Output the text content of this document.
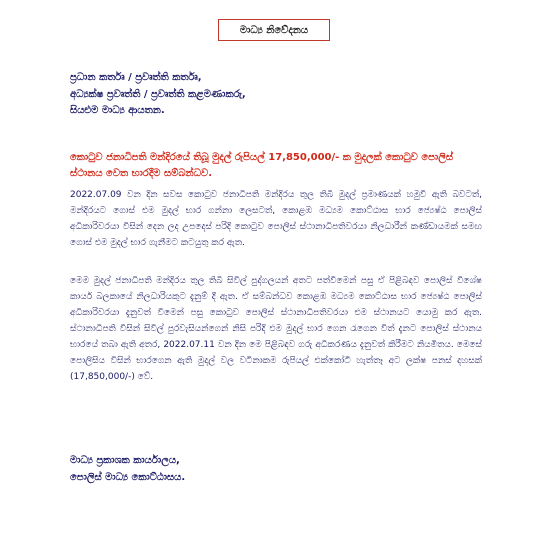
මාධ්‍ය නිවේදනය
ප්‍රධාන කර්තෘ / ප්‍රවෘත්ති කර්තෘ,
අධ්‍යක්ෂ ප්‍රවෘත්ති / ප්‍රවෘත්ති කළමණාකරු,
සියළුම මාධ්‍ය ආයතන.
කොටුව ජනාධිපති මන්දිරයේ තිබූ මුදල් රුපියල් 17,850,000/- ක මුදලක් කොටුව පොලිස් ස්ථානය වෙත භාරදීම සම්බන්ධව.
2022.07.09 වන දින සවස කොටුව ජනාධිපති මන්දිරය තුල තිබී මුදල් ප්‍රමාණයක් හමුවී ඇති බවටත්, මන්දිරයට ගොස් එම මුදල් භාර ගන්නා ලෙසටත්, කොළඹ මධ්‍යම කොට්ඨාස භාර ජ්‍යෙෂ්ඨ පොලිස් අධිකාරිවරයා විසින් දෙන ලද උපදෙස් පරිදි කොටුව පොලිස් ස්ථානාධිපතිවරයා නිලධාරීන් කණ්ඩායමක් සමඟ ගොස් එම මුදල් භාර ගැනීමට කටයුතු කර ඇත.
මෙම මුදල් ජනාධිපති මන්දිරය තුල තිබී සිවිල් පුද්ගලයන් අතට පත්වීමෙන් පසු ඒ පිළිබඳව පොලිස් විශේෂ කාර්ය බලකායේ නිලධාරියකුට දැනුම් දී ඇත. ඒ සම්බන්ධව කොළඹ මධ්‍යම කොට්ඨාස භාර ජ්‍යෙෂ්ඨ පොලිස් අධිකාරිවරයා දැනුවත් වීමෙන් පසු කොටුව පොලිස් ස්ථානාධිපතිවරයා එම ස්ථානයට යොමු කර ඇත. ස්ථානාධිපති විසින් සිවිල් පුරවැසියන්ගෙන් නිසි පරිදි එම මුදල් භාර ගෙන රැගෙන විත් දැනට පොලිස් ස්ථානය භාරයේ තබා ඇති අතර, 2022.07.11 වන දින මෙ පිළිබඳව ගරු අධිකරණය දැනුවත් කිරීමට නියමිතය. මෙසේ පොලිසිය විසින් භාරගෙන ඇති මුදල් වල වටිනාකම රුපියල් එක්කෝටි හැත්තෑ අට ලක්ෂ පනස් දහසක් (17,850,000/-) වේ.
මාධ්‍ය ප්‍රකාශක කාර්යාලය,
පොලිස් මාධ්‍ය කොට්ඨාසය.
